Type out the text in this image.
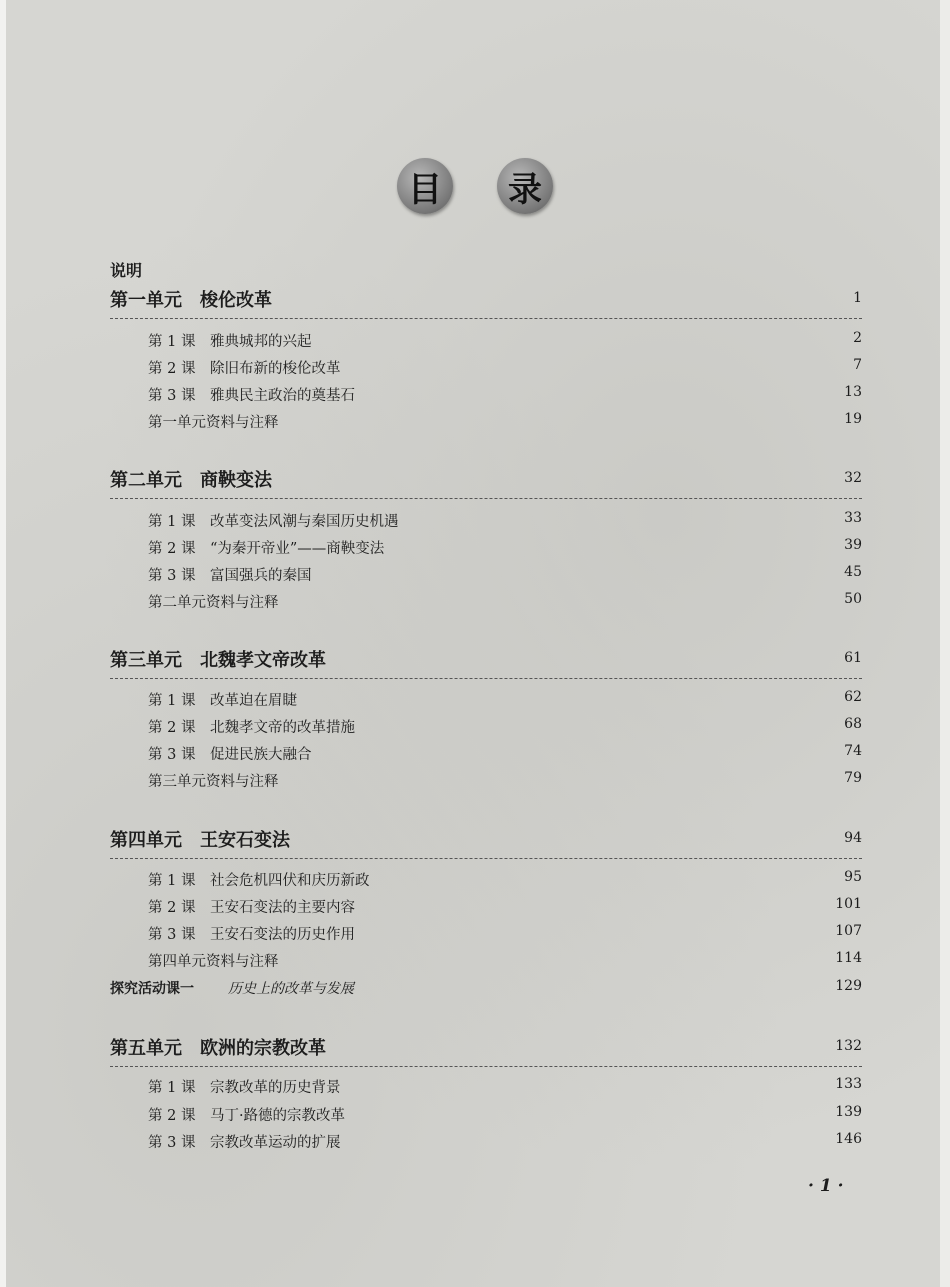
目 录
说明
第一单元　梭伦改革	1
第 1 课　雅典城邦的兴起	2
第 2 课　除旧布新的梭伦改革	7
第 3 课　雅典民主政治的奠基石	13
第一单元资料与注释	19
第二单元　商鞅变法	32
第 1 课　改革变法风潮与秦国历史机遇	33
第 2 课　“为秦开帝业”——商鞅变法	39
第 3 课　富国强兵的秦国	45
第二单元资料与注释	50
第三单元　北魏孝文帝改革	61
第 1 课　改革迫在眉睫	62
第 2 课　北魏孝文帝的改革措施	68
第 3 课　促进民族大融合	74
第三单元资料与注释	79
第四单元　王安石变法	94
第 1 课　社会危机四伏和庆历新政	95
第 2 课　王安石变法的主要内容	101
第 3 课　王安石变法的历史作用	107
第四单元资料与注释	114
探究活动课一 历史上的改革与发展	129
第五单元　欧洲的宗教改革	132
第 1 课　宗教改革的历史背景	133
第 2 课　马丁·路德的宗教改革	139
第 3 课　宗教改革运动的扩展	146
· 1 ·
